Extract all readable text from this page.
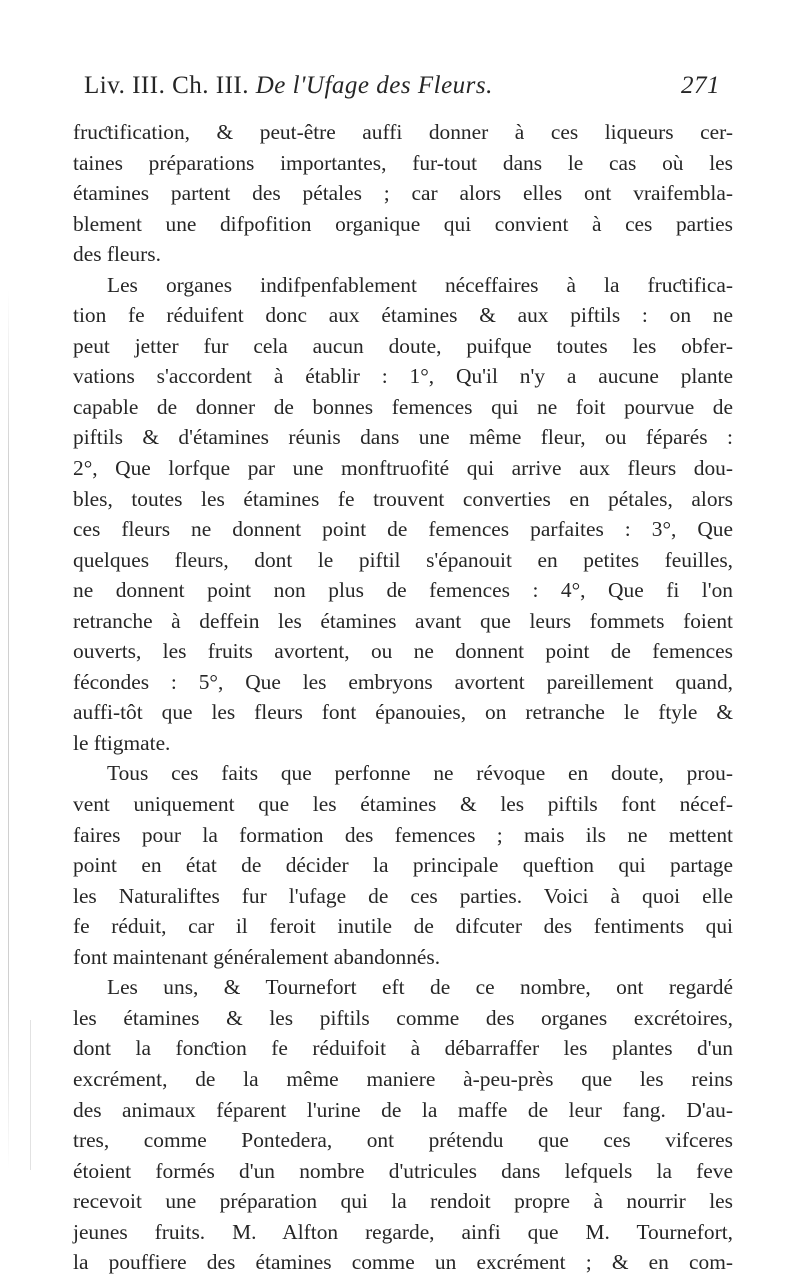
Liv. III. Ch. III. De l'Ufage des Fleurs.	271
fruƈtification, & peut-être auffi donner à ces liqueurs cer-
taines préparations importantes, fur-tout dans le cas où les
étamines partent des pétales ; car alors elles ont vraifembla-
blement une difpofition organique qui convient à ces parties
des fleurs.
Les organes indifpenfablement néceffaires à la fruƈtifica-
tion fe réduifent donc aux étamines & aux piftils : on ne
peut jetter fur cela aucun doute, puifque toutes les obfer-
vations s'accordent à établir : 1°, Qu'il n'y a aucune plante
capable de donner de bonnes femences qui ne foit pourvue de
piftils & d'étamines réunis dans une même fleur, ou féparés :
2°, Que lorfque par une monftruofité qui arrive aux fleurs dou-
bles, toutes les étamines fe trouvent converties en pétales, alors
ces fleurs ne donnent point de femences parfaites : 3°, Que
quelques fleurs, dont le piftil s'épanouit en petites feuilles,
ne donnent point non plus de femences : 4°, Que fi l'on
retranche à deffein les étamines avant que leurs fommets foient
ouverts, les fruits avortent, ou ne donnent point de femences
fécondes : 5°, Que les embryons avortent pareillement quand,
auffi-tôt que les fleurs font épanouies, on retranche le ftyle &
le ftigmate.
Tous ces faits que perfonne ne révoque en doute, prou-
vent uniquement que les étamines & les piftils font nécef-
faires pour la formation des femences ; mais ils ne mettent
point en état de décider la principale queftion qui partage
les Naturaliftes fur l'ufage de ces parties. Voici à quoi elle
fe réduit, car il feroit inutile de difcuter des fentiments qui
font maintenant généralement abandonnés.
Les uns, & Tournefort eft de ce nombre, ont regardé
les étamines & les piftils comme des organes excrétoires,
dont la fonƈtion fe réduifoit à débarraffer les plantes d'un
excrément, de la même maniere à-peu-près que les reins
des animaux féparent l'urine de la maffe de leur fang. D'au-
tres, comme Pontedera, ont prétendu que ces vifceres
étoient formés d'un nombre d'utricules dans lefquels la feve
recevoit une préparation qui la rendoit propre à nourrir les
jeunes fruits. M. Alfton regarde, ainfi que M. Tournefort,
la pouffiere des étamines comme un excrément ; & en com-
